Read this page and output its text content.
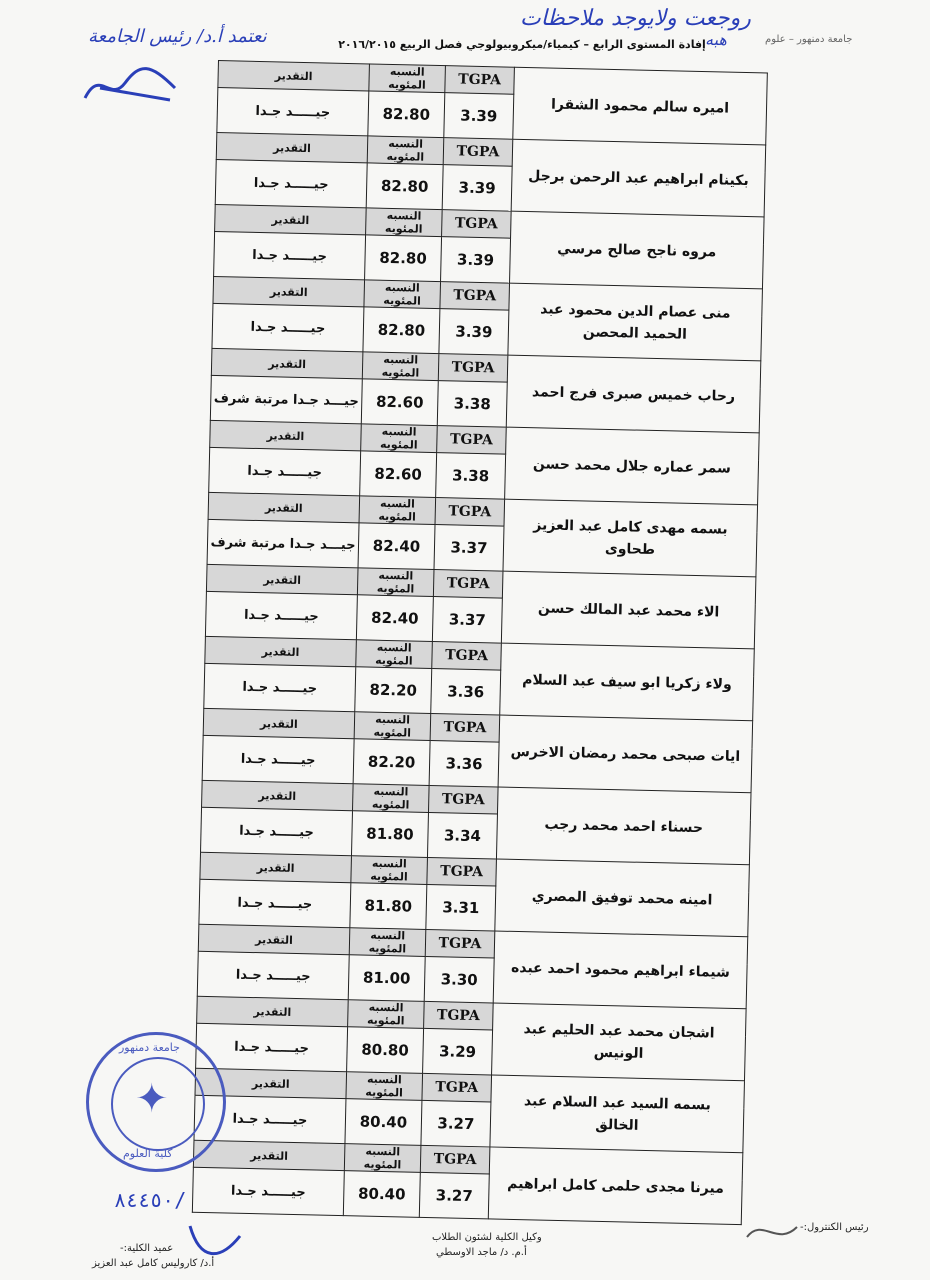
روجعت ولايوجد ملاحظات
نعتمد أ.د/ رئيس الجامعة	هبه	جامعة دمنهور – علوم
إفادة المستوى الرابع – كيمياء/ميكروبيولوجي فصل الربيع ٢٠١٦/٢٠١٥
التقدير	النسبه المئويه	TGPA	اميره سالم محمود الشقرا
جيـــــد جـدا	82.80	3.39	
التقدير	النسبه المئويه	TGPA	بكينام ابراهيم عبد الرحمن برجل
جيـــــد جـدا	82.80	3.39	
التقدير	النسبه المئويه	TGPA	مروه ناجح صالح مرسي
جيـــــد جـدا	82.80	3.39	
التقدير	النسبه المئويه	TGPA	منى عصام الدين محمود عبد الحميد المحصن
جيـــــد جـدا	82.80	3.39	
التقدير	النسبه المئويه	TGPA	رحاب خميس صبرى فرج احمد
جيـــد جـدا مرتبة شرف	82.60	3.38	
التقدير	النسبه المئويه	TGPA	سمر عماره جلال محمد حسن
جيـــــد جـدا	82.60	3.38	
التقدير	النسبه المئويه	TGPA	بسمه مهدى كامل عبد العزيز طحاوى
جيـــد جـدا مرتبة شرف	82.40	3.37	
التقدير	النسبه المئويه	TGPA	الاء محمد عبد المالك حسن
جيـــــد جـدا	82.40	3.37	
التقدير	النسبه المئويه	TGPA	ولاء زكريا ابو سيف عبد السلام
جيـــــد جـدا	82.20	3.36	
التقدير	النسبه المئويه	TGPA	ايات صبحى محمد رمضان الاخرس
جيـــــد جـدا	82.20	3.36	
التقدير	النسبه المئويه	TGPA	حسناء احمد محمد رجب
جيـــــد جـدا	81.80	3.34	
التقدير	النسبه المئويه	TGPA	امينه محمد توفيق المصري
جيـــــد جـدا	81.80	3.31	
التقدير	النسبه المئويه	TGPA	شيماء ابراهيم محمود احمد عبده
جيـــــد جـدا	81.00	3.30	
التقدير	النسبه المئويه	TGPA	اشجان محمد عبد الحليم عبد الونيس
جيـــــد جـدا	80.80	3.29	
التقدير	النسبه المئويه	TGPA	بسمه السيد عبد السلام عبد الخالق
جيـــــد جـدا	80.40	3.27	
التقدير	النسبه المئويه	TGPA	ميرنا مجدى حلمى كامل ابراهيم
جيـــــد جـدا	80.40	3.27	
جامعة دمنهور
✦
كلية العلوم
٨٤٤٥٠/
عميد الكلية:-
أ.د/ كاروليس كامل عبد العزيز
وكيل الكلية لشئون الطلاب
أ.م. د/ ماجد الاوسطي
رئيس الكنترول:-
